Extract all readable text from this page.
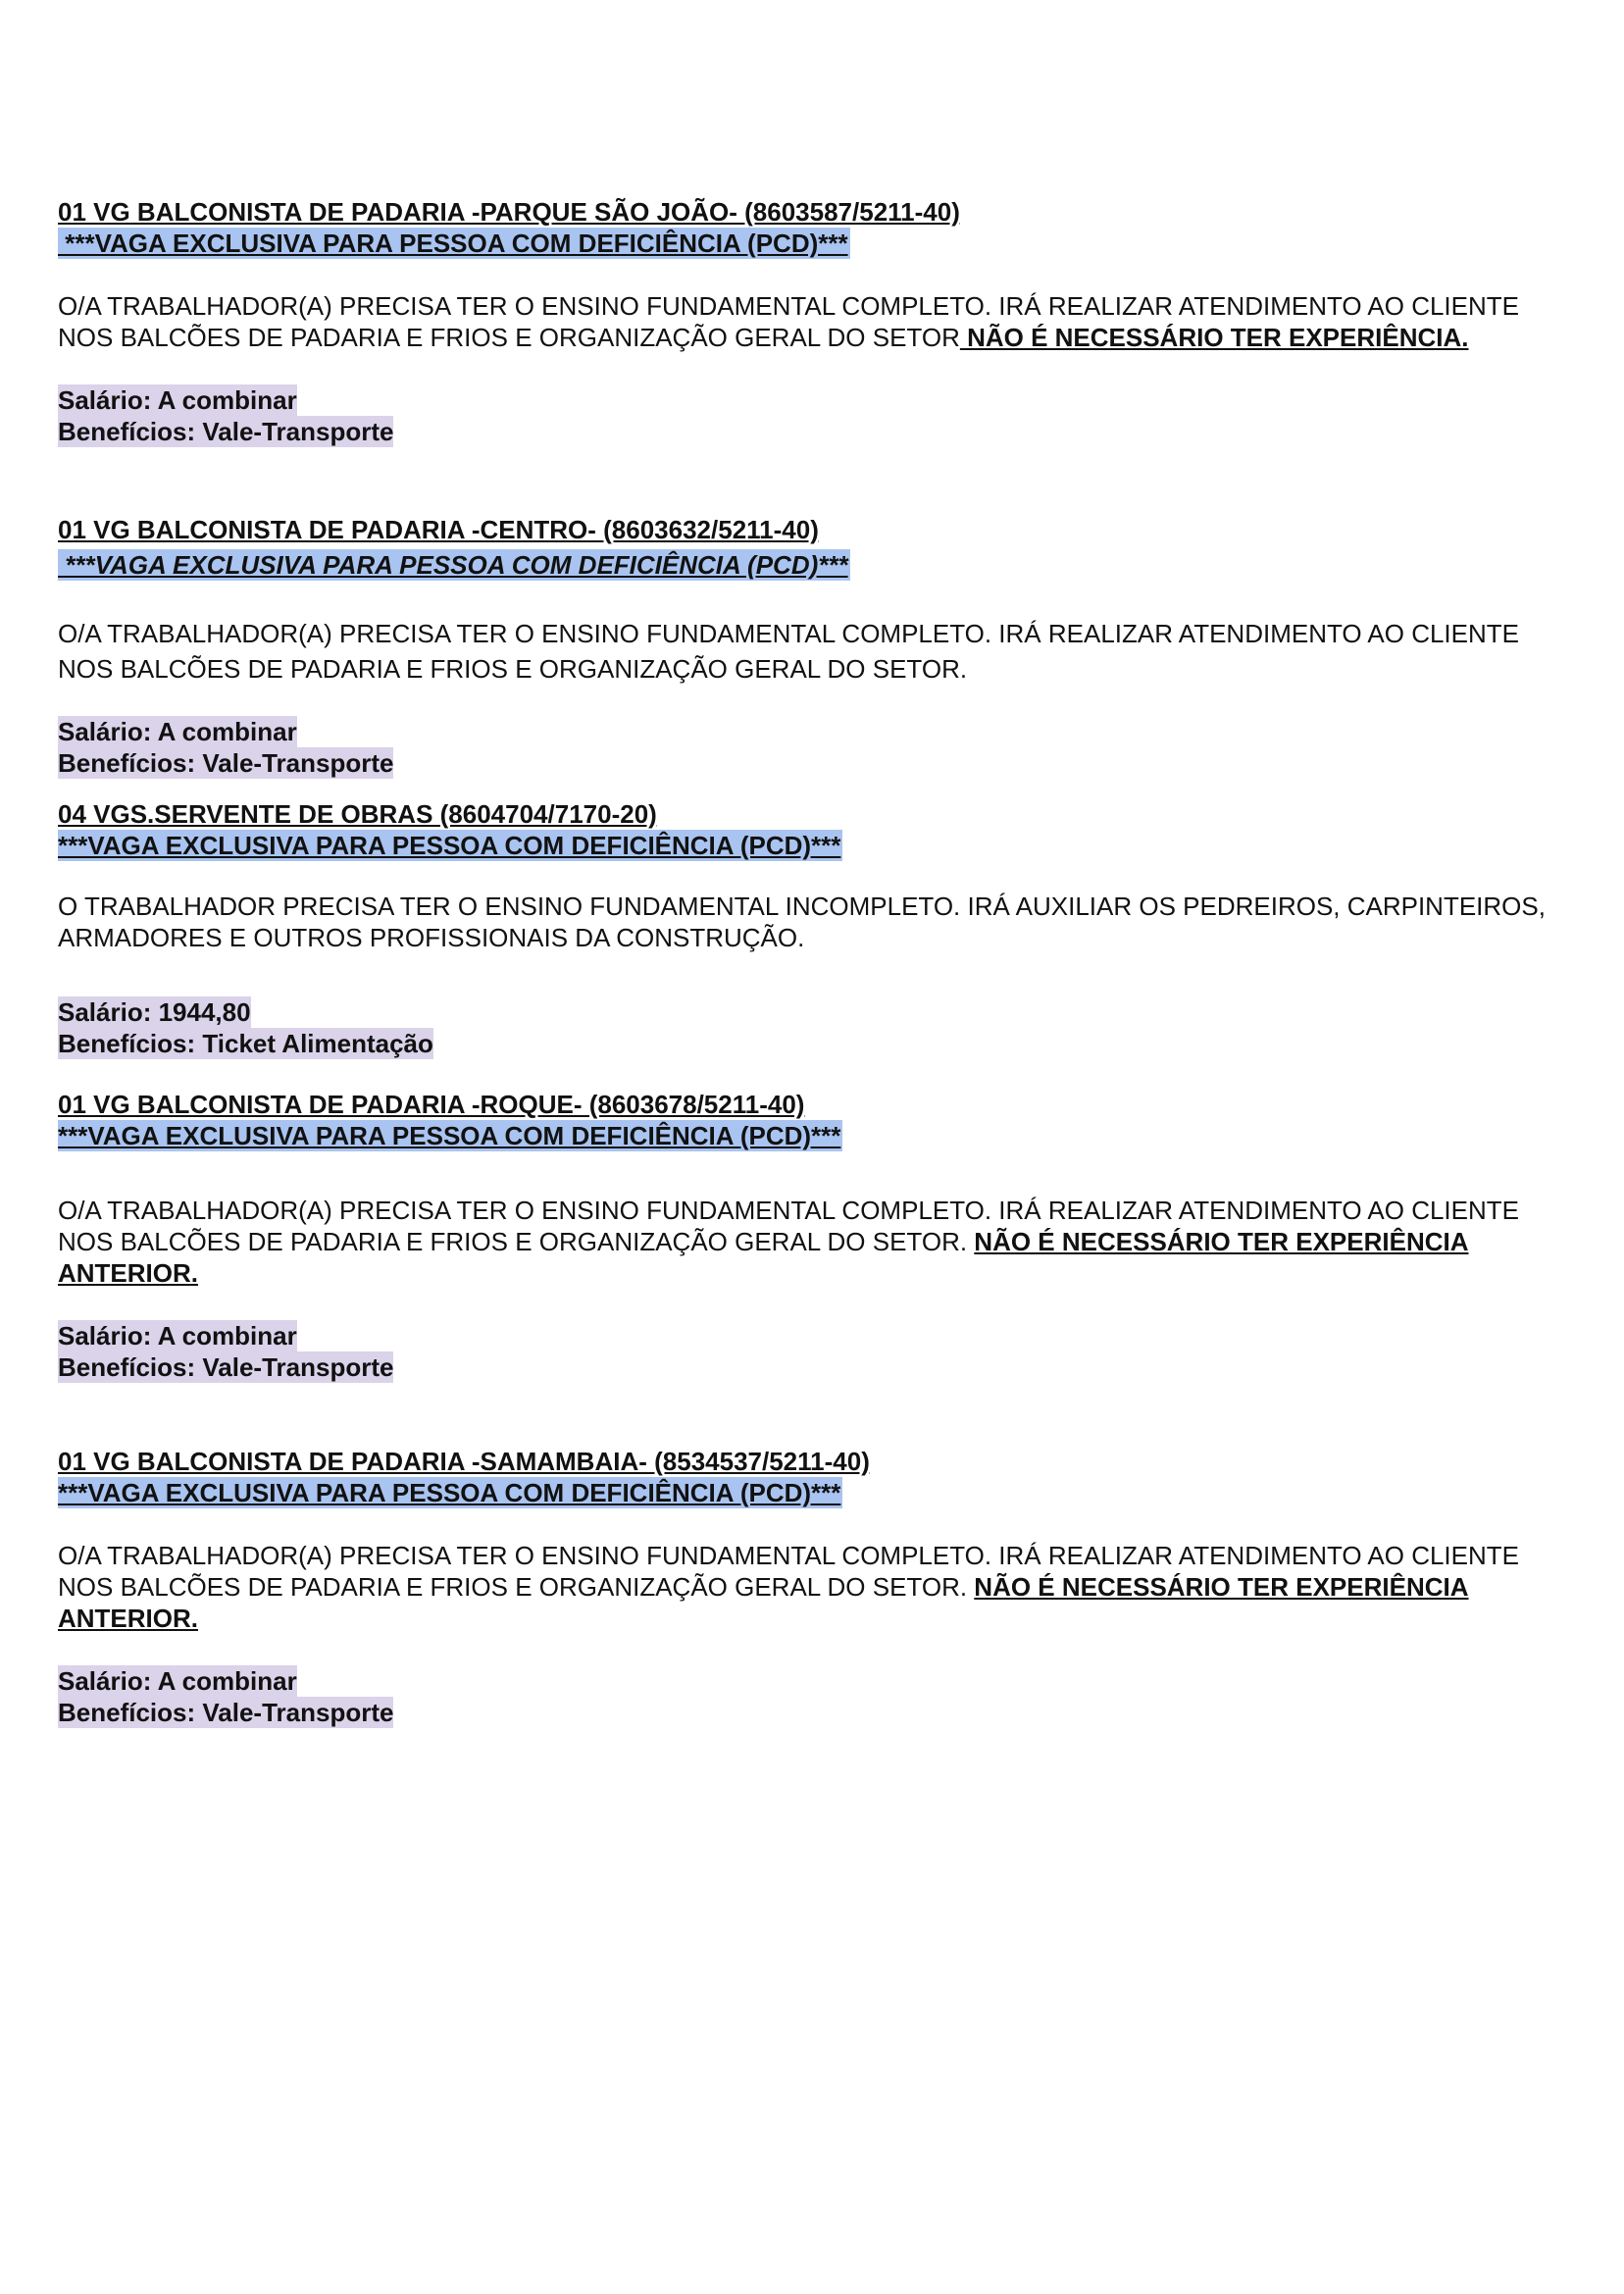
01 VG BALCONISTA DE PADARIA -PARQUE SÃO JOÃO- (8603587/5211-40)

***VAGA EXCLUSIVA PARA PESSOA COM DEFICIÊNCIA (PCD)***

O/A TRABALHADOR(A) PRECISA TER O ENSINO FUNDAMENTAL COMPLETO. IRÁ REALIZAR ATENDIMENTO AO CLIENTE NOS BALCÕES DE PADARIA E FRIOS E ORGANIZAÇÃO GERAL DO SETOR NÃO É NECESSÁRIO TER EXPERIÊNCIA.

Salário: A combinar
Benefícios: Vale-Transporte

01 VG BALCONISTA DE PADARIA -CENTRO- (8603632/5211-40)

***VAGA EXCLUSIVA PARA PESSOA COM DEFICIÊNCIA (PCD)***

O/A TRABALHADOR(A) PRECISA TER O ENSINO FUNDAMENTAL COMPLETO. IRÁ REALIZAR ATENDIMENTO AO CLIENTE NOS BALCÕES DE PADARIA E FRIOS E ORGANIZAÇÃO GERAL DO SETOR.

Salário: A combinar
Benefícios: Vale-Transporte

04 VGS.SERVENTE DE OBRAS (8604704/7170-20)

***VAGA EXCLUSIVA PARA PESSOA COM DEFICIÊNCIA (PCD)***

O TRABALHADOR PRECISA TER O ENSINO FUNDAMENTAL INCOMPLETO. IRÁ AUXILIAR OS PEDREIROS, CARPINTEIROS, ARMADORES E OUTROS PROFISSIONAIS DA CONSTRUÇÃO.

Salário: 1944,80
Benefícios: Ticket Alimentação

01 VG BALCONISTA DE PADARIA -ROQUE- (8603678/5211-40)

***VAGA EXCLUSIVA PARA PESSOA COM DEFICIÊNCIA (PCD)***

O/A TRABALHADOR(A) PRECISA TER O ENSINO FUNDAMENTAL COMPLETO. IRÁ REALIZAR ATENDIMENTO AO CLIENTE NOS BALCÕES DE PADARIA E FRIOS E ORGANIZAÇÃO GERAL DO SETOR. NÃO É NECESSÁRIO TER EXPERIÊNCIA ANTERIOR.

Salário: A combinar
Benefícios: Vale-Transporte

01 VG BALCONISTA DE PADARIA -SAMAMBAIA- (8534537/5211-40)

***VAGA EXCLUSIVA PARA PESSOA COM DEFICIÊNCIA (PCD)***

O/A TRABALHADOR(A) PRECISA TER O ENSINO FUNDAMENTAL COMPLETO. IRÁ REALIZAR ATENDIMENTO AO CLIENTE NOS BALCÕES DE PADARIA E FRIOS E ORGANIZAÇÃO GERAL DO SETOR. NÃO É NECESSÁRIO TER EXPERIÊNCIA ANTERIOR.

Salário: A combinar
Benefícios: Vale-Transporte
